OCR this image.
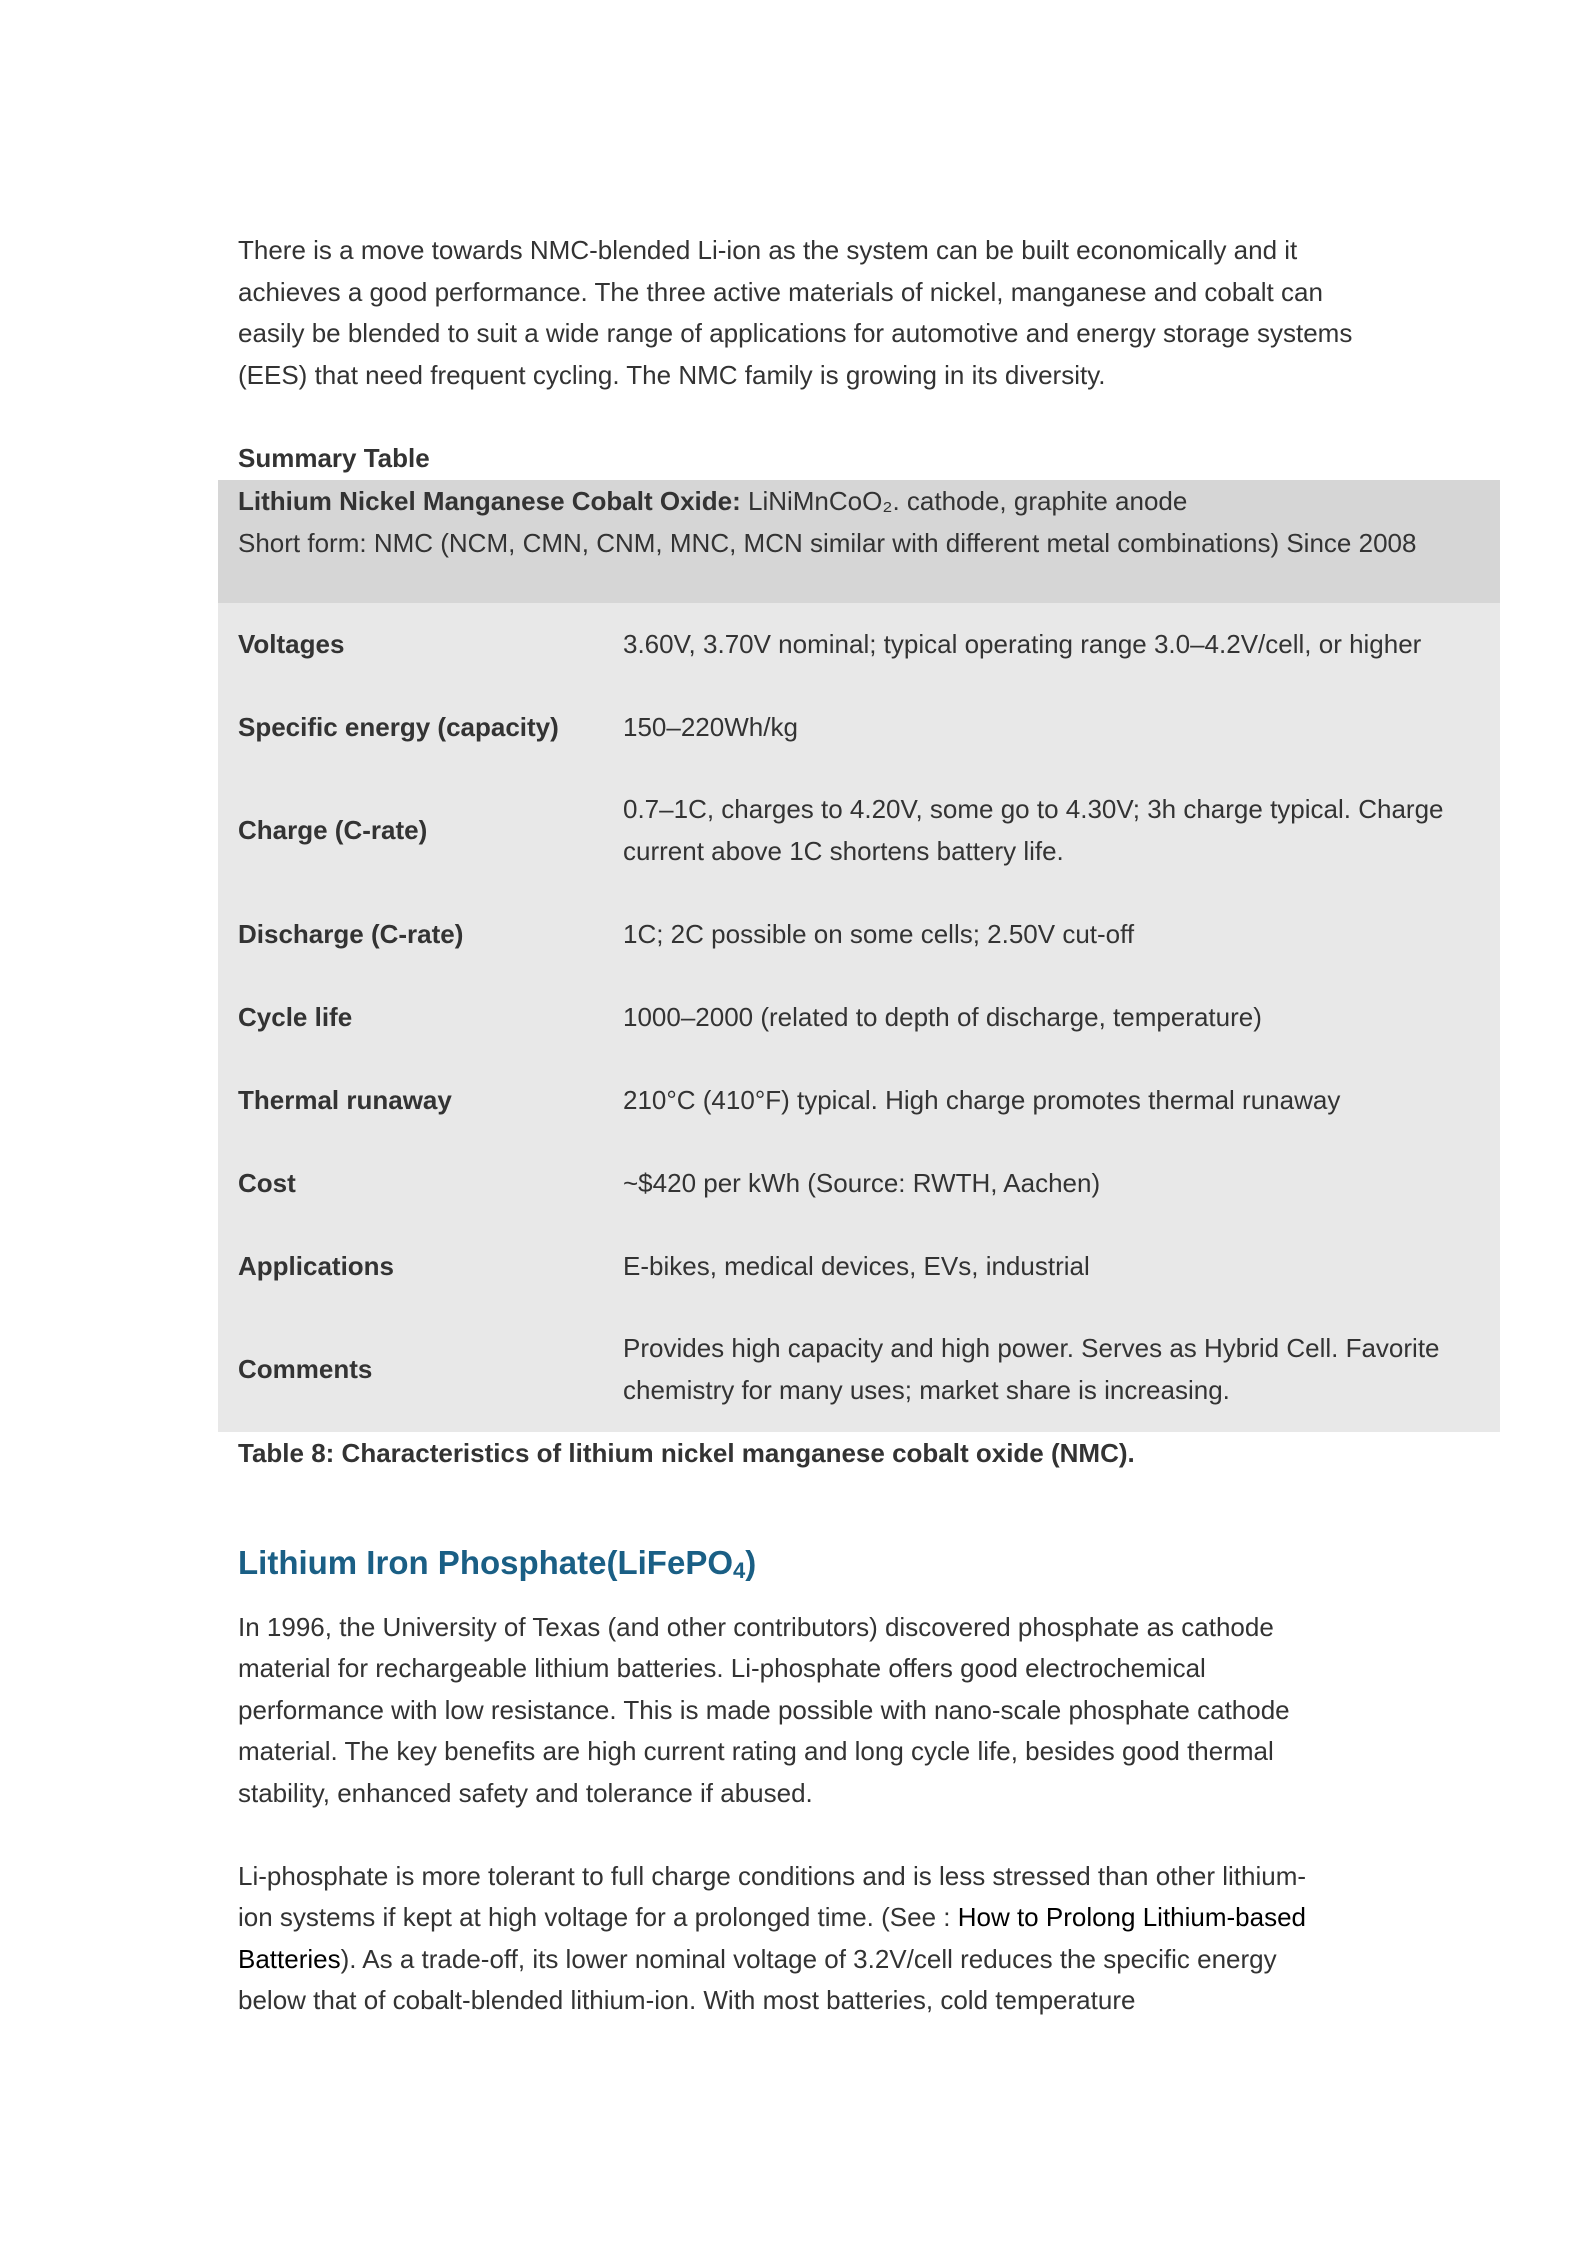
There is a move towards NMC-blended Li-ion as the system can be built economically and it achieves a good performance. The three active materials of nickel, manganese and cobalt can easily be blended to suit a wide range of applications for automotive and energy storage systems (EES) that need frequent cycling. The NMC family is growing in its diversity.

Summary Table

Lithium Nickel Manganese Cobalt Oxide: LiNiMnCoO₂. cathode, graphite anode
Short form: NMC (NCM, CMN, CNM, MNC, MCN similar with different metal combinations) Since 2008
Voltages	3.60V, 3.70V nominal; typical operating range 3.0–4.2V/cell, or higher
Specific energy (capacity)	150–220Wh/kg
Charge (C-rate)	0.7–1C, charges to 4.20V, some go to 4.30V; 3h charge typical. Charge current above 1C shortens battery life.
Discharge (C-rate)	1C; 2C possible on some cells; 2.50V cut-off
Cycle life	1000–2000 (related to depth of discharge, temperature)
Thermal runaway	210°C (410°F) typical. High charge promotes thermal runaway
Cost	~$420 per kWh (Source: RWTH, Aachen)
Applications	E-bikes, medical devices, EVs, industrial
Comments	Provides high capacity and high power. Serves as Hybrid Cell. Favorite chemistry for many uses; market share is increasing.

Table 8: Characteristics of lithium nickel manganese cobalt oxide (NMC).

Lithium Iron Phosphate(LiFePO$_4$)

In 1996, the University of Texas (and other contributors) discovered phosphate as cathode material for rechargeable lithium batteries. Li-phosphate offers good electrochemical performance with low resistance. This is made possible with nano-scale phosphate cathode material. The key benefits are high current rating and long cycle life, besides good thermal stability, enhanced safety and tolerance if abused.

Li-phosphate is more tolerant to full charge conditions and is less stressed than other lithium-ion systems if kept at high voltage for a prolonged time. (See : How to Prolong Lithium-based Batteries). As a trade-off, its lower nominal voltage of 3.2V/cell reduces the specific energy below that of cobalt-blended lithium-ion. With most batteries, cold temperature
